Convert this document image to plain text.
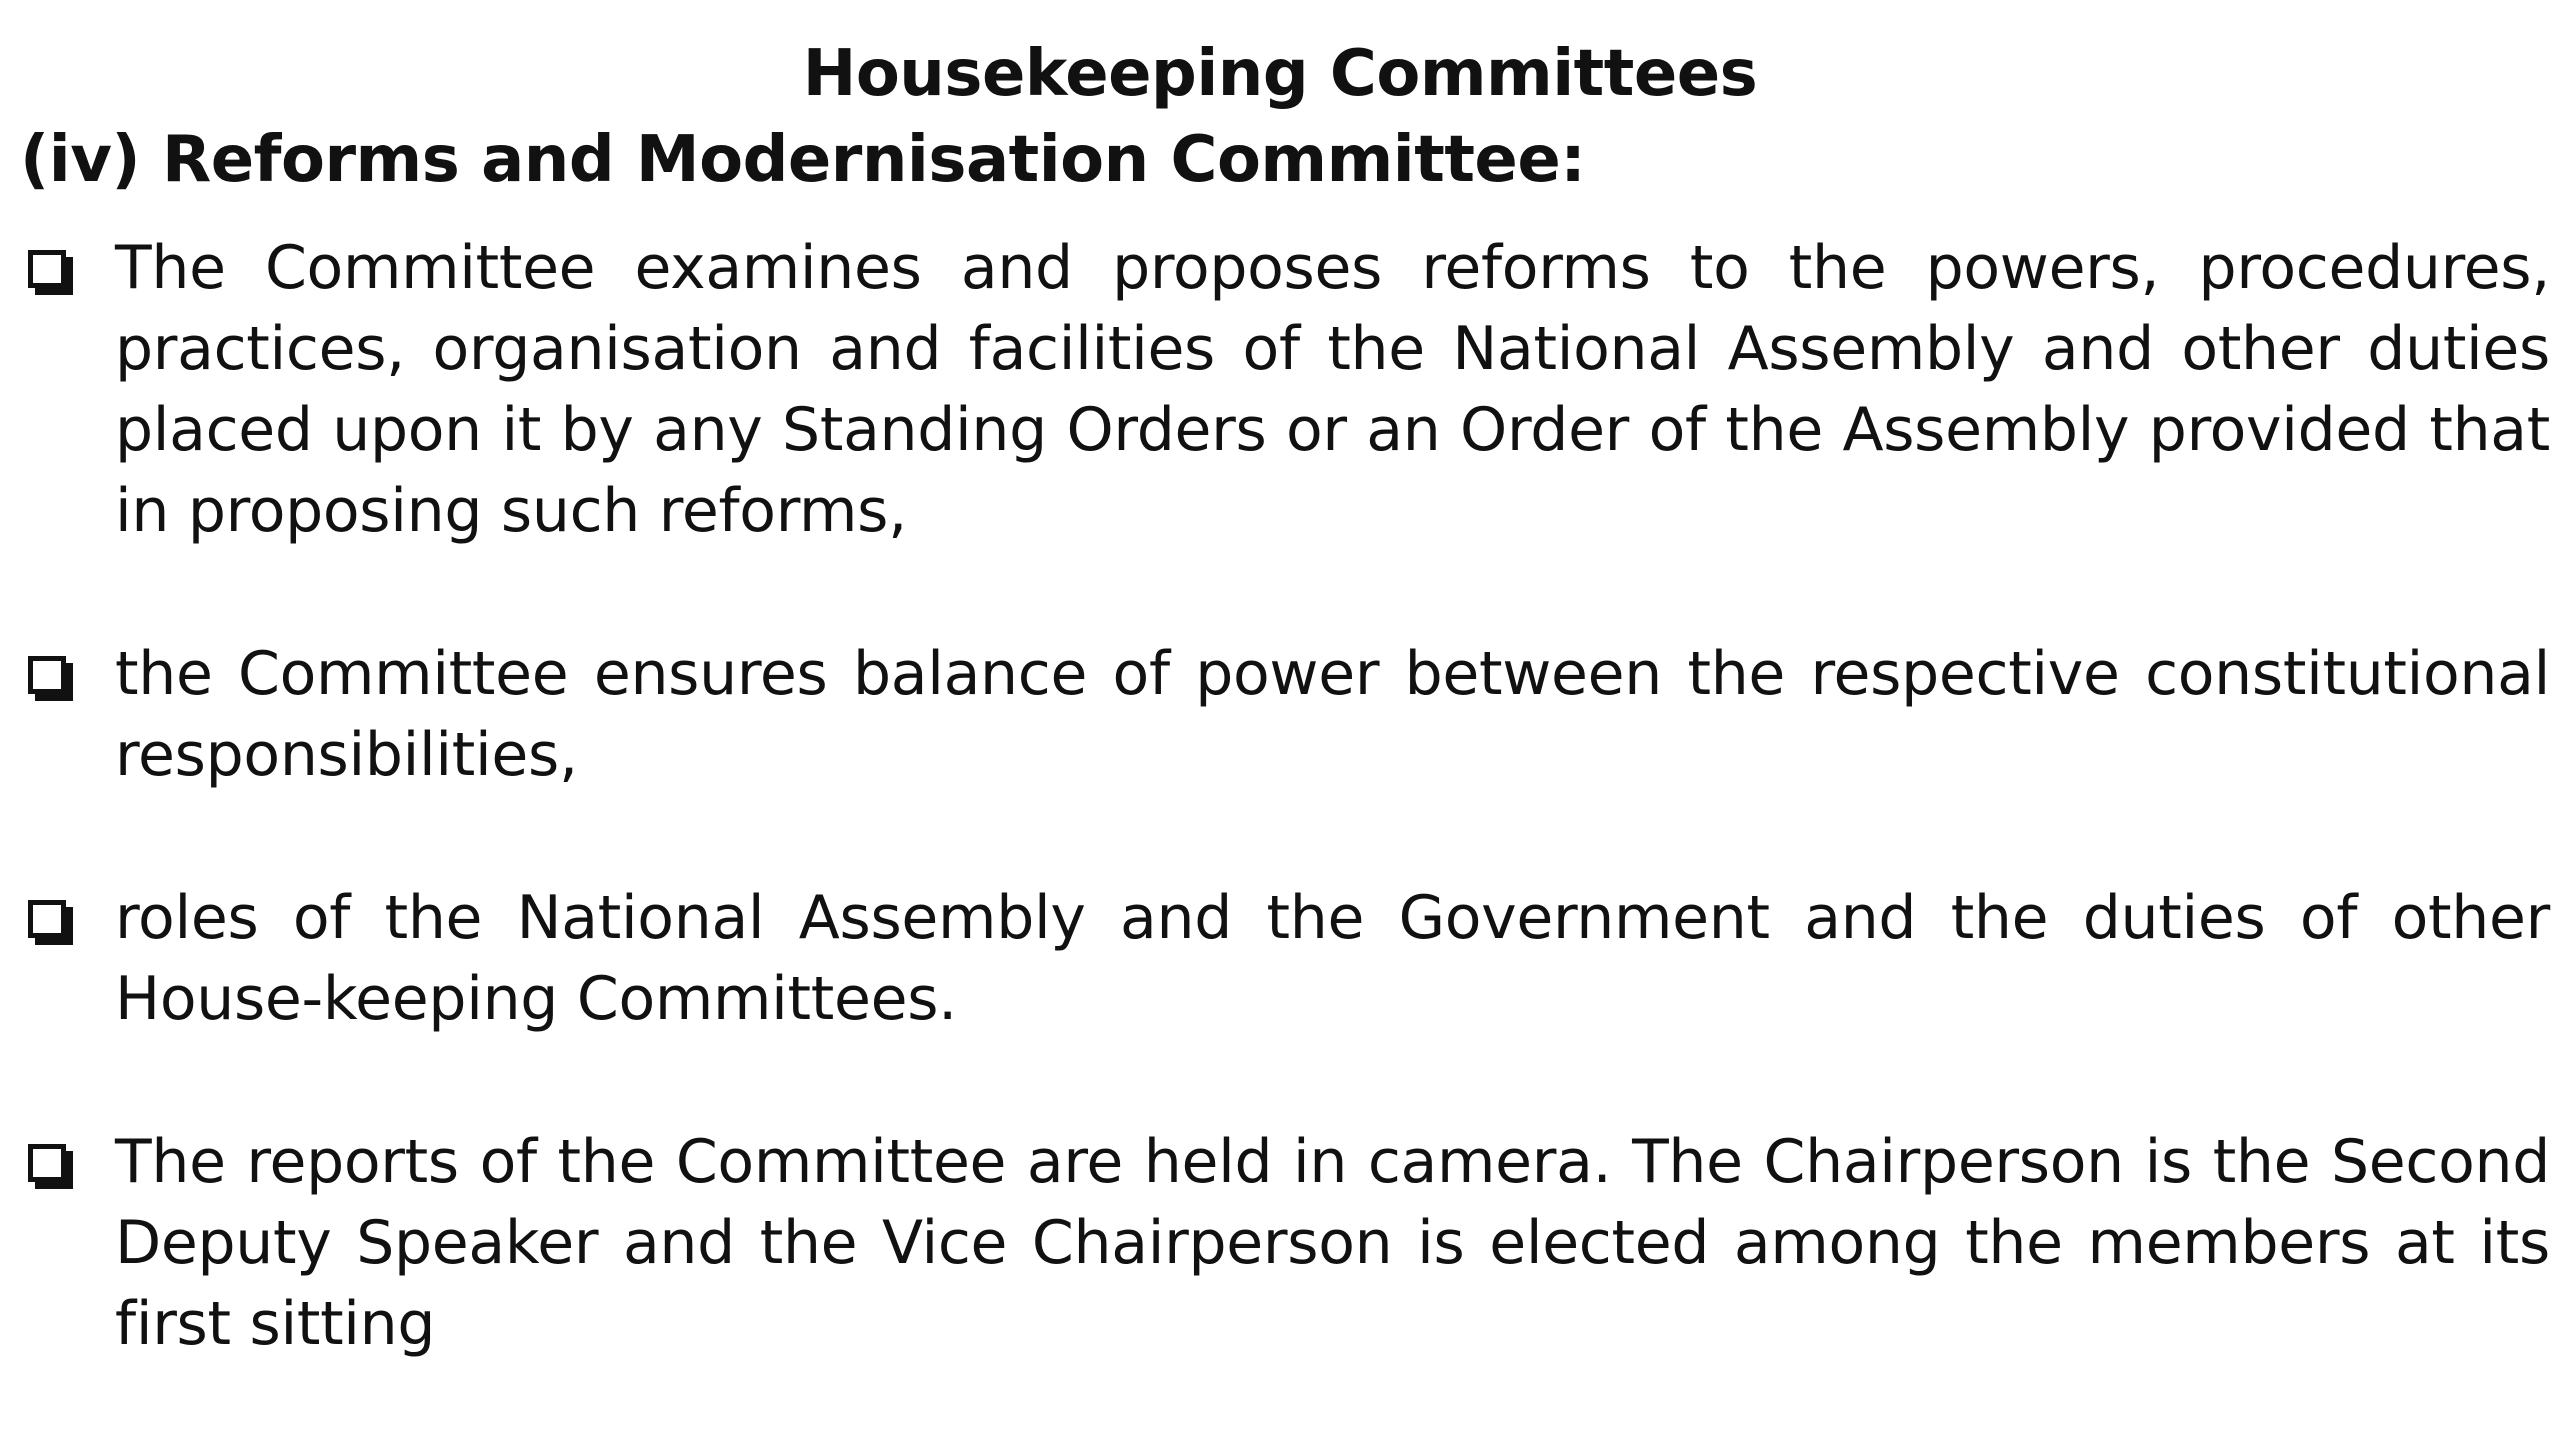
Housekeeping Committees
(iv) Reforms and Modernisation Committee:
The Committee examines and proposes reforms to the powers, procedures, practices, organisation and facilities of the National Assembly and other duties placed upon it by any Standing Orders or an Order of the Assembly provided that in proposing such reforms,
the Committee ensures balance of power between the respective constitutional responsibilities,
roles of the National Assembly and the Government and the duties of other House-keeping Committees.
The reports of the Committee are held in camera. The Chairperson is the Second Deputy Speaker and the Vice Chairperson is elected among the members at its first sitting
